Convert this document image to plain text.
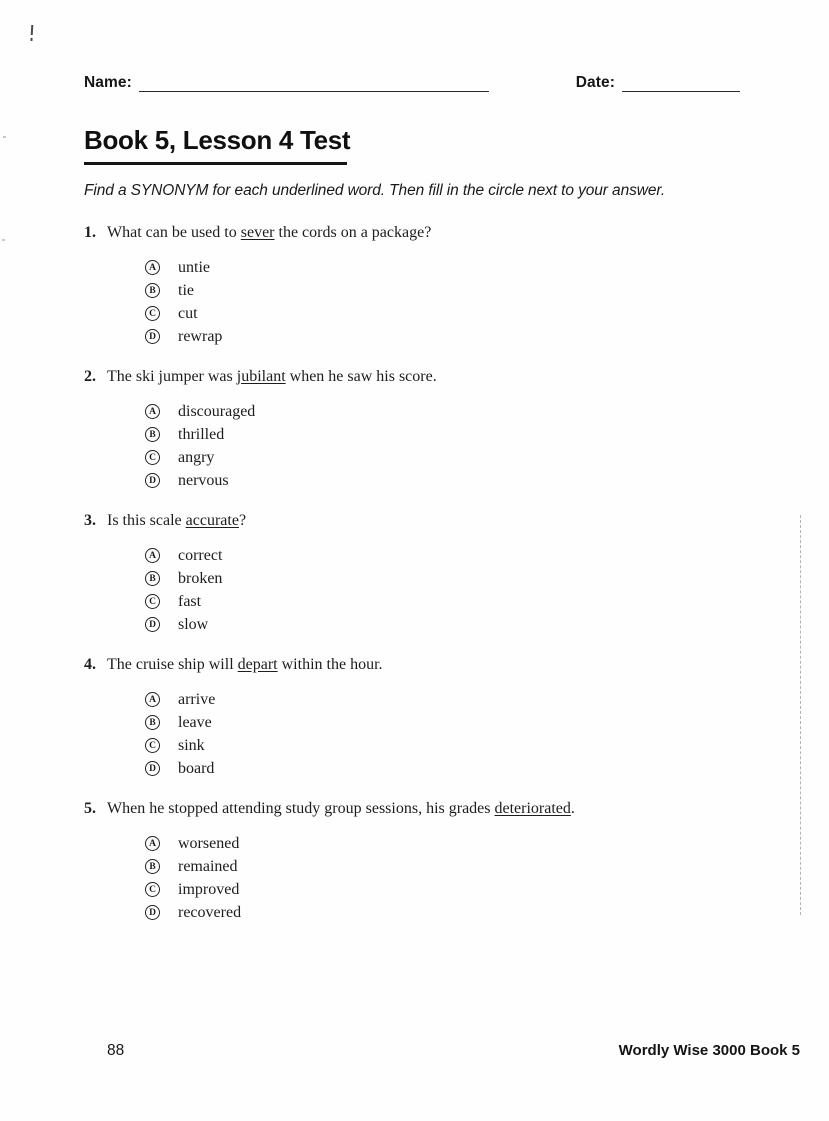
Name:	Date:
Book 5, Lesson 4 Test
Find a SYNONYM for each underlined word. Then fill in the circle next to your answer.
1. What can be used to sever the cords on a package?
A untie
B tie
C cut
D rewrap
2. The ski jumper was jubilant when he saw his score.
A discouraged
B thrilled
C angry
D nervous
3. Is this scale accurate?
A correct
B broken
C fast
D slow
4. The cruise ship will depart within the hour.
A arrive
B leave
C sink
D board
5. When he stopped attending study group sessions, his grades deteriorated.
A worsened
B remained
C improved
D recovered
88	Wordly Wise 3000 Book 5
